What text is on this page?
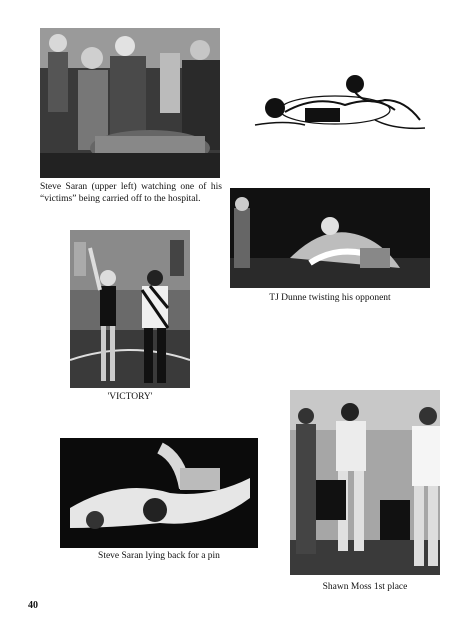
Steve Saran (upper left) watching one of his “victims” being carried off to the hospital.
TJ Dunne twisting his opponent
'VICTORY'
Steve Saran lying back for a pin
Shawn Moss 1st place
40
